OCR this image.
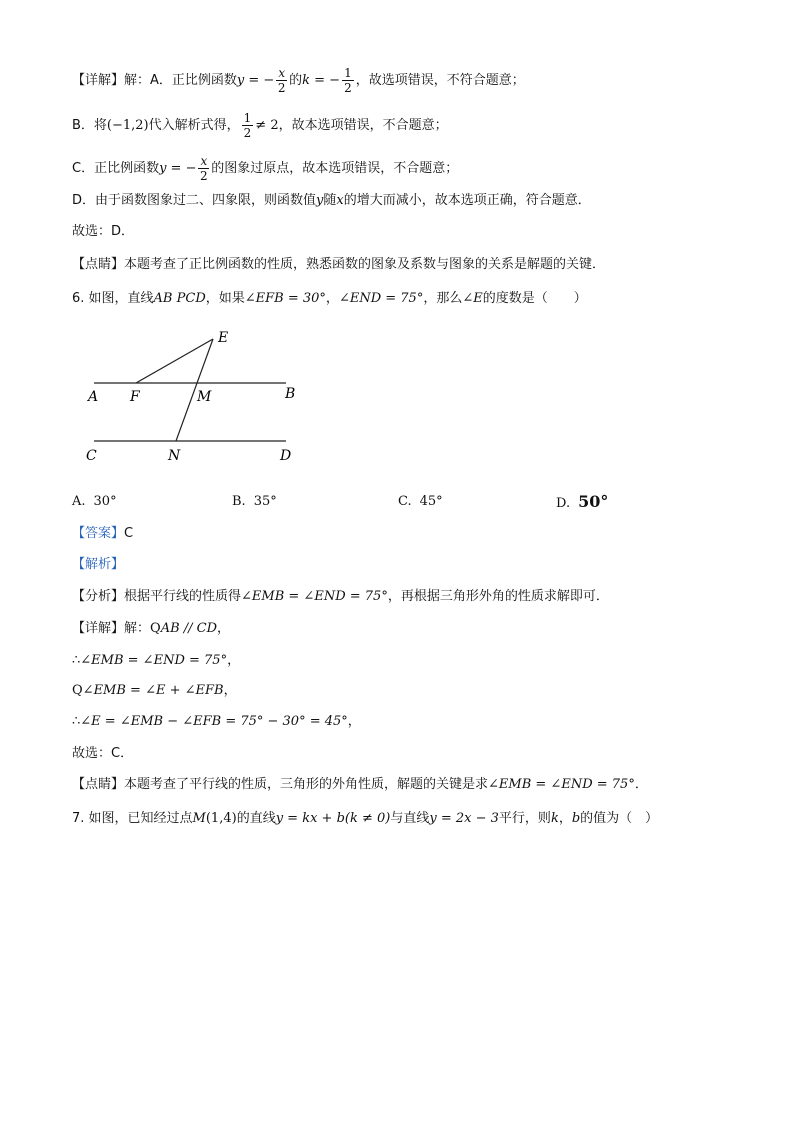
【详解】解：A．正比例函数y = − $\frac{x}{2}$ 的k = − $\frac{1}{2}$ ，故选项错误，不符合题意；
B．将(−1,2)代入解析式得， $\frac{1}{2} \ne 2$，故本选项错误，不合题意；
C．正比例函数y = − $\frac{x}{2}$ 的图象过原点，故本选项错误，不合题意；
D．由于函数图象过二、四象限，则函数值y随x的增大而减小，故本选项正确，符合题意．
故选：D．
【点睛】本题考查了正比例函数的性质，熟悉函数的图象及系数与图象的关系是解题的关键．
6. 如图，直线AB PCD，如果∠EFB = 30°，∠END = 75°，那么∠E的度数是（　　）
E
A F	M	B
C	N	D
A. 30°	B. 35°	C. 45°	D. 50°
【答案】C
【解析】
【分析】根据平行线的性质得∠EMB = ∠END = 75°，再根据三角形外角的性质求解即可．
【详解】解：QAB // CD，
∴∠EMB = ∠END = 75°，
Q∠EMB = ∠E + ∠EFB，
∴∠E = ∠EMB − ∠EFB = 75° − 30° = 45°，
故选：C．
【点睛】本题考查了平行线的性质，三角形的外角性质，解题的关键是求∠EMB = ∠END = 75°．
7. 如图，已知经过点M(1,4)的直线y = kx + b(k ≠ 0)与直线y = 2x − 3平行，则k，b的值为（　）
